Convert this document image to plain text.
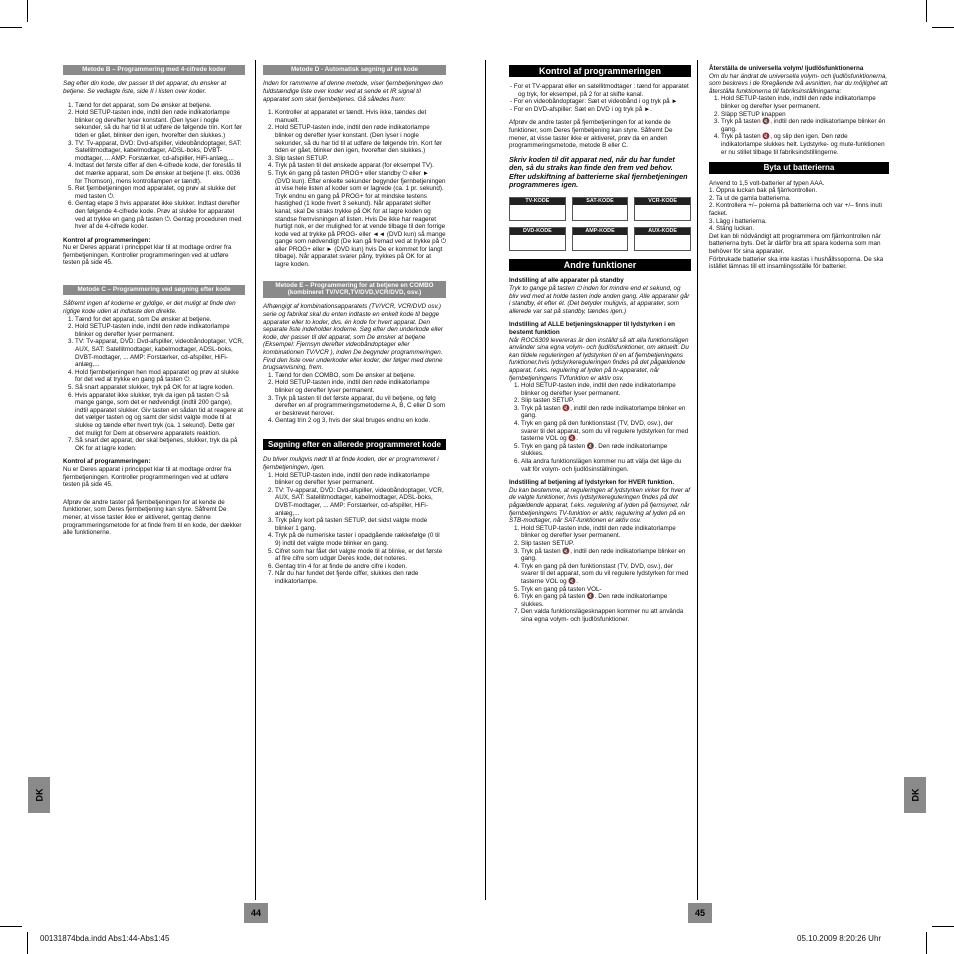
DK	DK
44	45
00131874bda.indd Abs1:44-Abs1:45	05.10.2009 8:20:26 Uhr
Metode B – Programmering med 4-cifrede koder

Søg efter din kode, der passer til det apparat, du ønsker at betjene. Se vedlagte liste, side II i listen over koder.

1. Tænd for det apparat, som De ønsker at betjene.
2. Hold SETUP-tasten inde, indtil den røde indikatorlampe blinker og derefter lyser konstant. (Den lyser i nogle sekunder, så du har tid til at udføre de følgende trin. Kort før tiden er gået, blinker den igen, hvorefter den slukkes.)
3. TV: Tv-apparat, DVD: Dvd-afspiller, videobåndoptager, SAT: Satellitmodtager, kabelmodtager, ADSL-boks, DVBT-modtager, ... AMP: Forstærker, cd-afspiller, HiFi-anlæg,...
4. Indtast det første ciffer af den 4-cifrede kode, der foreslås til det mærke apparat, som De ønsker at betjene (f. eks. 0036 for Thomson), mens kontrollampen er tændt).
5. Ret fjernbetjeningen mod apparatet, og prøv at slukke det med tasten ⏻.
6. Gentag etape 3 hvis apparatet ikke slukker. Indtast derefter den følgende 4-cifrede kode. Prøv at slukke for apparatet ved at trykke en gang på tasten ⏻. Gentag proceduren med hver af de 4-cifrede koder.

Kontrol af programmeringen:

Nu er Deres apparat i princippet klar til at modtage ordrer fra fjernbetjeningen. Kontroller programmeringen ved at udføre testen på side 45.

Metode C – Programmering ved søgning efter kode

Såfremt ingen af koderne er gyldige, er det muligt at finde den rigtige kode uden at indtaste den direkte.

1. Tænd for det apparat, som De ønsker at betjene.
2. Hold SETUP-tasten inde, indtil den røde indikatorlampe blinker og derefter lyser permanent.
3. TV: Tv-apparat, DVD: Dvd-afspiller, videobåndoptager, VCR, AUX, SAT: Satellitmodtager, kabelmodtager, ADSL-boks, DVBT-modtager, ... AMP: Forstærker, cd-afspiller, HiFi-anlæg,...
4. Hold fjernbetjeningen hen mod apparatet og prøv at slukke for det ved at trykke en gang på tasten ⏻.
5. Så snart apparatet slukker, tryk på OK for at lagre koden.
6. Hvis apparatet ikke slukker, tryk da igen på tasten ⏻ så mange gange, som det er nødvendigt (indtil 200 gange), indtil apparatet slukker. Giv tasten en sådan tid at reagere at det vælger tasten og og samt der sidst valgte mode til at slukke og tænde efter hvert tryk (ca. 1 sekund). Dette gør det muligt for Dem at observere apparatets reaktion.
7. Så snart det apparat, der skal betjenes, slukker, tryk da på OK for at lagre koden.

Kontrol af programmeringen:

Nu er Deres apparat i princippet klar til at modtage ordrer fra fjernbetjeningen. Kontroller programmeringen ved at udføre testen på side 45.

Afprøv de andre taster på fjernbetjeningen for at kende de funktioner, som Deres fjernbetjening kan styre. Såfremt De mener, at visse taster ikke er aktiveret, gentag denne programmeringsmetode for at finde frem til en kode, der dækker alle funktionerne.

Metode D - Automatisk søgning af en kode

Inden for rammerne af denne metode, viser fjernbetjeningen den fuldstændige liste over koder ved at sende et IR signal til apparatet som skal fjernbetjenes. Gå således frem:

1. Kontroller at apparatet er tændt. Hvis ikke, tændes det manuelt.
2. Hold SETUP-tasten inde, indtil den røde indikatorlampe blinker og derefter lyser konstant. (Den lyser i nogle sekunder, så du har tid til at udføre de følgende trin. Kort før tiden er gået, blinker den igen, hvorefter den slukkes.)
3. Slip tasten SETUP.
4. Tryk på tasten til det ønskede apparat (for eksempel TV).
5. Tryk én gang på tasten PROG+ eller standby ⏻ eller ► (DVD kun). Efter enkelte sekunder begynder fjernbetjeningen at vise hele listen af koder som er lagrede (ca. 1 pr. sekund). Tryk endnu en gang på PROG+ for at mindske testens hastighed (1 kode hvert 3 sekund). Når apparatet skifter kanal, skal De straks trykke på OK for at lagre koden og standse fremvisningen af listen. Hvis De ikke har reageret hurtigt nok, er der mulighed for at vende tilbage til den forrige kode ved at trykke på PROG- eller ◄◄ (DVD kun) så mange gange som nødvendigt (De kan gå fremad ved at trykke på ⏻ eller PROG+ eller ► (DVD kun) hvis De er kommet for langt tilbage). Når apparatet svarer påny, trykkes på OK for at lagre koden.
Metode E – Programmering for at betjene en COMBO (kombineret TV/VCR,TV/DVD,VCR/DVD, osv.)

Afhængigt af kombinationsapparatets (TV/VCR, VCR/DVD osv.) serie og fabrikat skal du enten indtaste en enkelt kode til begge apparater eller to koder, dvs. én kode for hvert apparat. Den separate liste indeholder koderne. Søg efter den underkode eller kode, der passer til det apparat, som De ønsker at betjene (Eksempel: Fjernsyn derefter videobåndoptager eller kombinationen TV/VCR ), inden De begynder programmeringen. Find den liste over underkoder eller koder, der følger med denne brugsanvisning, frem.

1. Tænd for den COMBO, som De ønsker at betjene.
2. Hold SETUP-tasten inde, indtil den røde indikatorlampe blinker og derefter lyser permanent.
3. Tryk på tasten til det første apparat, du vil betjene, og følg derefter en af programmeringsmetoderne A, B, C eller D som er beskrevet herover.
4. Gentag trin 2 og 3, hvis der skal bruges endnu en kode.
Søgning efter en allerede programmeret kode

Du bliver muligvis nødt til at finde koden, der er programmeret i fjernbetjeningen, igen.

1. Hold SETUP-tasten inde, indtil den røde indikatorlampe blinker og derefter lyser permanent.
2. TV: Tv-apparat, DVD: Dvd-afspiller, videobåndoptager, VCR, AUX, SAT: Satellitmodtager, kabelmodtager, ADSL-boks, DVBT-modtager, ... AMP: Forstærker, cd-afspiller, HiFi-anlæg,...
3. Tryk påny kort på tasten SETUP, det sidst valgte mode blinker 1 gang.
4. Tryk på de numeriske taster i opadgående rækkefølge (0 til 9) indtil det valgte mode blinker en gang.
5. Cifret som har fået det valgte mode til at blinke, er det første af fire cifre som udgør Deres kode, det noteres.
6. Gentag trin 4 for at finde de andre cifre i koden.
7. Når du har fundet det fjerde ciffer, slukkes den røde indikatorlampe.
Kontrol af programmeringen
- For et TV-apparat eller en satellitmodtager : tænd for apparatet og tryk, for eksempel, på 2 for at skifte kanal.
- For en videobåndoptager: Sæt et videobånd i og tryk på ►
- For en DVD-afspiller: Sæt en DVD i og tryk på ►.

Afprøv de andre taster på fjernbetjeningen for at kende de funktioner, som Deres fjernbetjening kan styre. Såfremt De mener, at visse taster ikke er aktiveret, prøv da en anden programmeringsmetode, metode B eller C.

Skriv koden til dit apparat ned, når du har fundet den, så du straks kan finde den frem ved behov. Efter udskiftning af batterierne skal fjernbetjeningen programmeres igen.

TV-KODE	SAT-KODE	VCR-KODE
DVD-KODE	AMP-KODE	AUX-KODE
Andre funktioner

Indstilling af alle apparater på standby

Tryk to gange på tasten ⏻ inden for mindre end et sekund, og bliv ved med at holde tasten inde anden gang. Alle apparater går i standby, ét efter ét. (Det betyder muligvis, at apparater, som allerede var sat på standby, tændes igen.)

Indstilling af ALLE betjeningsknapper til lydstyrken i en bestemt funktion

Når ROC6309 levereras är den inställd så att alla funktionslägen använder sina egna volym- och ljudlösfunktioner, om aktuellt. Du kan tildele reguleringen af lydstyrken til en af fjernbetjeningens funktioner,hvis lydstyrkereguleringen findes på det pågældende apparat, f.eks. regulering af lyden på tv-apparatet, når fjernbetjeningens TVfunktion er aktiv osv.

1. Hold SETUP-tasten inde, indtil den røde indikatorlampe blinker og derefter lyser permanent.
2. Slip tasten SETUP.
3. Tryk på tasten 🔇, indtil den røde indikatorlampe blinker en gang.
4. Tryk en gang på den funktionstast (TV, DVD, osv.), der svarer til det apparat, som du vil regulere lydstyrken for med tasterne VOL og 🔇.
5. Tryk en gang på tasten 🔇. Den røde indikatorlampe slukkes.
6. Alla andra funktionslägen kommer nu att välja det läge du valt för volym- och ljudlösinställningen.

Indstilling af betjening af lydstyrken for HVER funktion.

Du kan bestemme, at reguleringen af lydstyrken virker for hver af de valgte funktioner, hvis lydstyrkereguleringen findes på det pågældende apparat, f.eks. regulering af lyden på fjernsynet, når fjernbetjeningens TV-funktion er aktiv, regulering af lyden på en STB-modtager, når SAT-funktionen er aktiv osv.

1. Hold SETUP-tasten inde, indtil den røde indikatorlampe blinker og derefter lyser permanent.
2. Slip tasten SETUP.
3. Tryk på tasten 🔇, indtil den røde indikatorlampe blinker en gang.
4. Tryk en gang på den funktionstast (TV, DVD, osv.), der svarer til det apparat, som du vil regulere lydstyrken for med tasterne VOL og 🔇.
5. Tryk en gang på tasten VOL-
6. Tryk en gang på tasten 🔇. Den røde indikatorlampe slukkes.
7. Den valda funktionslägesknappen kommer nu att använda sina egna volym- och ljudlösfunktioner.

Återställa de universella volym/ ljudlösfunktionerna

Om du har ändrat de universella volym- och ljudlösfunktionerna, som beskrevs i de föregående två avsnitten, har du möjlighet att återställa funktionerna till fabriksinställningarna:

1. Hold SETUP-tasten inde, indtil den røde indikatorlampe blinker og derefter lyser permanent.
2. Släpp SETUP knappen
3. Tryk på tasten 🔇, indtil den røde indikatorlampe blinker én gang.
4. Tryk på tasten 🔇, og slip den igen. Den røde indikatorlampe slukkes helt. Lydstyrke- og mute-funktionen er nu stillet tilbage til fabriksindstillingerne.
Byta ut batterierna

Anvend to 1,5 volt-batterier af typen AAA.
1. Öppna luckan bak på fjärrkontrollen.
2. Ta ut de gamla batterierna.
2. Kontrollera +/– polerna på batterierna och var +/– finns inuti facket.
3. Lägg i batterierna.
4. Stäng luckan.
Det kan bli nödvändigt att programmera om fjärrkontrollen när batterierna byts. Det är därför bra att spara koderna som man behöver för sina apparater.
Förbrukade batterier ska inte kastas i hushållssoporna. De ska istället lämnas till ett insamlingsställe för batterier.
